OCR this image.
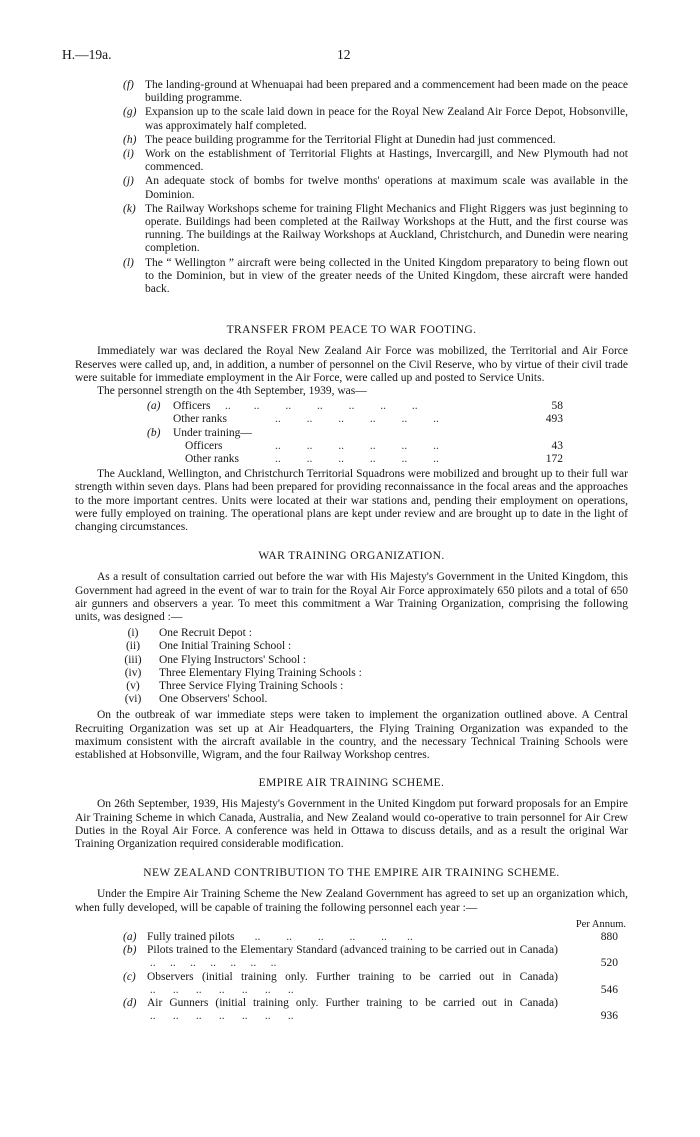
H.—19a.	12
(f) The landing-ground at Whenuapai had been prepared and a commencement had been made on the peace building programme.
(g) Expansion up to the scale laid down in peace for the Royal New Zealand Air Force Depot, Hobsonville, was approximately half completed.
(h) The peace building programme for the Territorial Flight at Dunedin had just commenced.
(i) Work on the establishment of Territorial Flights at Hastings, Invercargill, and New Plymouth had not commenced.
(j) An adequate stock of bombs for twelve months' operations at maximum scale was available in the Dominion.
(k) The Railway Workshops scheme for training Flight Mechanics and Flight Riggers was just beginning to operate. Buildings had been completed at the Railway Workshops at the Hutt, and the first course was running. The buildings at the Railway Workshops at Auckland, Christchurch, and Dunedin were nearing completion.
(l) The “ Wellington ” aircraft were being collected in the United Kingdom preparatory to being flown out to the Dominion, but in view of the greater needs of the United Kingdom, these aircraft were handed back.
TRANSFER FROM PEACE TO WAR FOOTING.

Immediately war was declared the Royal New Zealand Air Force was mobilized, the Territorial and Air Force Reserves were called up, and, in addition, a number of personnel on the Civil Reserve, who by virtue of their civil trade were suitable for immediate employment in the Air Force, were called up and posted to Service Units.

The personnel strength on the 4th September, 1939, was—

(a) Officers ..        ..         ..         ..         ..         ..         ..	58
Other ranks	..         ..         ..         ..         ..         ..	493
(b) Under training—
Officers	..         ..         ..         ..         ..         ..	43
Other ranks	..         ..         ..         ..         ..         ..	172

The Auckland, Wellington, and Christchurch Territorial Squadrons were mobilized and brought up to their full war strength within seven days. Plans had been prepared for providing reconnaissance in the focal areas and the approaches to the more important centres. Units were located at their war stations and, pending their employment on operations, were fully employed on training. The operational plans are kept under review and are brought up to date in the light of changing circumstances.

WAR TRAINING ORGANIZATION.

As a result of consultation carried out before the war with His Majesty's Government in the United Kingdom, this Government had agreed in the event of war to train for the Royal Air Force approximately 650 pilots and a total of 650 air gunners and observers a year. To meet this commitment a War Training Organization, comprising the following units, was designed :—

(i)	One Recruit Depot :
(ii)	One Initial Training School :
(iii)	One Flying Instructors' School :
(iv)	Three Elementary Flying Training Schools :
(v)	Three Service Flying Training Schools :
(vi)	One Observers' School.

On the outbreak of war immediate steps were taken to implement the organization outlined above. A Central Recruiting Organization was set up at Air Headquarters, the Flying Training Organization was expanded to the maximum consistent with the aircraft available in the country, and the necessary Technical Training Schools were established at Hobsonville, Wigram, and the four Railway Workshop centres.

EMPIRE AIR TRAINING SCHEME.

On 26th September, 1939, His Majesty's Government in the United Kingdom put forward proposals for an Empire Air Training Scheme in which Canada, Australia, and New Zealand would co-operative to train personnel for Air Crew Duties in the Royal Air Force. A conference was held in Ottawa to discuss details, and as a result the original War Training Organization required considerable modification.

NEW ZEALAND CONTRIBUTION TO THE EMPIRE AIR TRAINING SCHEME.

Under the Empire Air Training Scheme the New Zealand Government has agreed to set up an organization which, when fully developed, will be capable of training the following personnel each year :—

Per Annum.
(a) Fully trained pilots       ..         ..         ..         ..         ..       ..	880
(b) Pilots trained to the Elementary Standard (advanced training to be carried out in Canada)  ..     ..     ..     ..     ..     ..     ..	520
(c) Observers (initial training only. Further training to be carried out in Canada)  ..      ..      ..      ..      ..      ..      ..	546
(d) Air Gunners (initial training only. Further training to be carried out in Canada)  ..      ..      ..      ..      ..      ..      ..	936
